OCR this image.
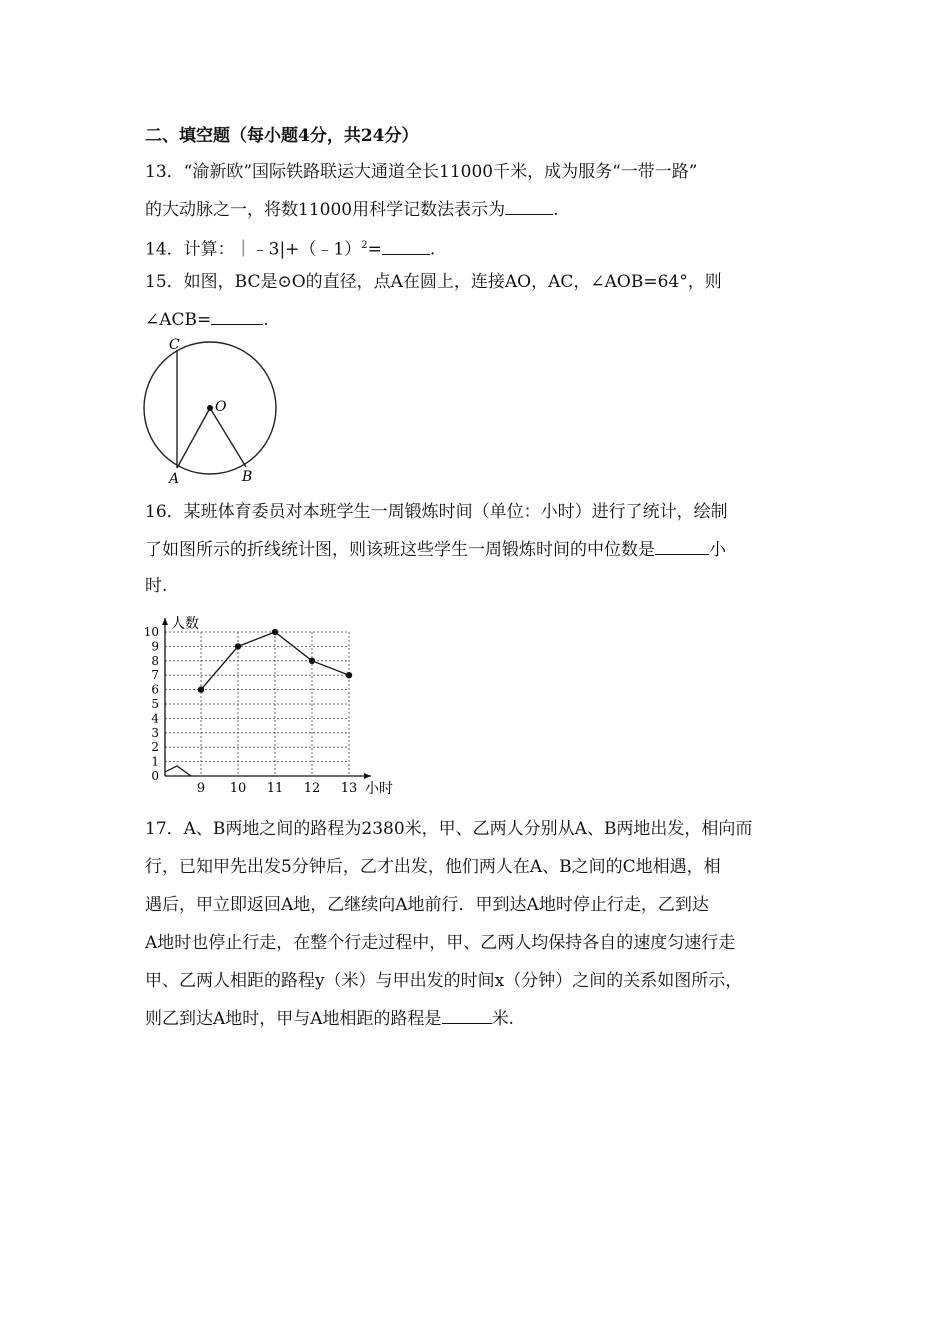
二、填空题（每小题4分，共24分）
13．“渝新欧”国际铁路联运大通道全长11000千米，成为服务“一带一路”
的大动脉之一，将数11000用科学记数法表示为	.
14．计算：｜﹣3|+（﹣1）$^2$=	.
15．如图，BC是⊙O的直径，点A在圆上，连接AO，AC，∠AOB=64°，则
∠ACB=	.
C
O
A	B
16．某班体育委员对本班学生一周锻炼时间（单位：小时）进行了统计，绘制
了如图所示的折线统计图，则该班这些学生一周锻炼时间的中位数是	小
时.
0
1
2
3
4
5
6
7
8
9
10
9 10 11 12 13
人数
小时
17．A、B两地之间的路程为2380米，甲、乙两人分别从A、B两地出发，相向而
行，已知甲先出发5分钟后，乙才出发，他们两人在A、B之间的C地相遇，相
遇后，甲立即返回A地，乙继续向A地前行．甲到达A地时停止行走，乙到达
A地时也停止行走，在整个行走过程中，甲、乙两人均保持各自的速度匀速行走
甲、乙两人相距的路程y（米）与甲出发的时间x（分钟）之间的关系如图所示，
则乙到达A地时，甲与A地相距的路程是	米.
